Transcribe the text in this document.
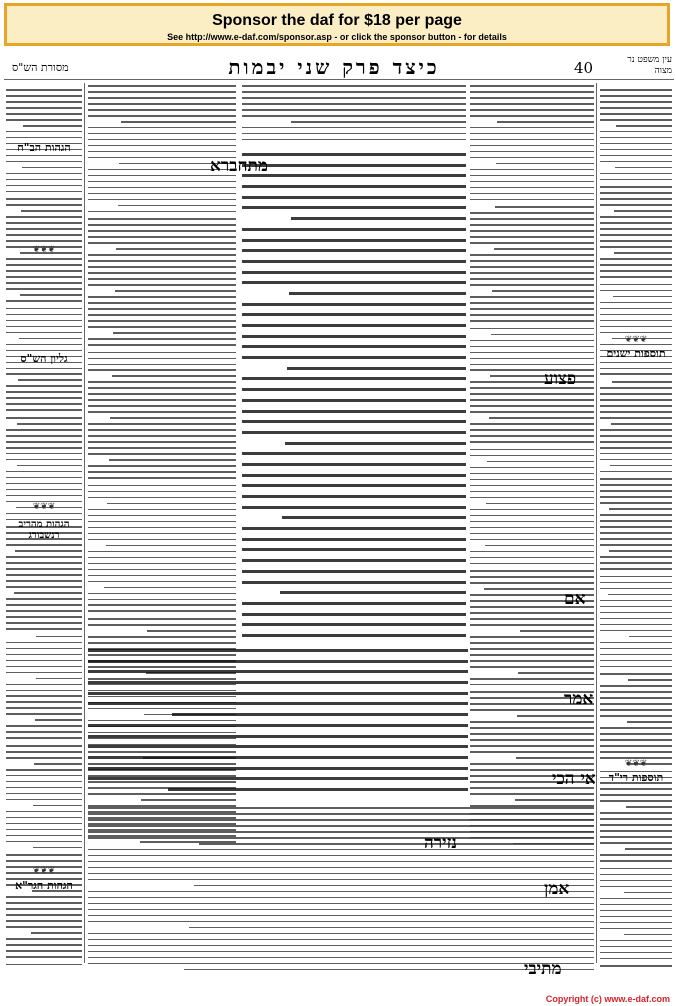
Sponsor the daf for $18 per page
See http://www.e-daf.com/sponsor.asp - or click the sponsor button - for details
מסורת הש"ס	כיצד פרק שני יבמות	40	עין משפט נר מצוה
הגהות הב"ח
גליון הש"ס
הגהות מהריב רנשבורג
הגהות הגר"א
תוספות ישנים
תוספות רי"ד
מתחברא
פצוע
אם
אמר
אי הכי
נזירה
אמן
מתיבי
❦❦❦
❦❦❦
❦❦❦
❦❦❦
❦❦❦
Copyright (c) www.e-daf.com
